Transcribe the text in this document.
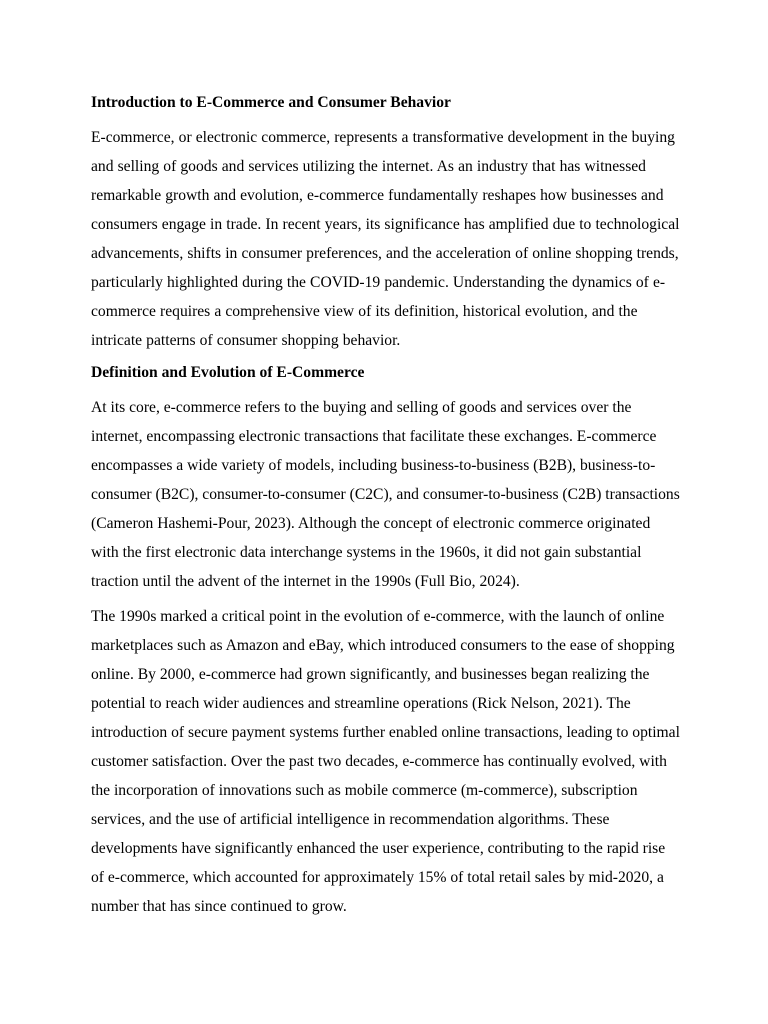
Introduction to E-Commerce and Consumer Behavior

E-commerce, or electronic commerce, represents a transformative development in the buying and selling of goods and services utilizing the internet. As an industry that has witnessed remarkable growth and evolution, e-commerce fundamentally reshapes how businesses and consumers engage in trade. In recent years, its significance has amplified due to technological advancements, shifts in consumer preferences, and the acceleration of online shopping trends, particularly highlighted during the COVID-19 pandemic. Understanding the dynamics of e-commerce requires a comprehensive view of its definition, historical evolution, and the intricate patterns of consumer shopping behavior.

Definition and Evolution of E-Commerce

At its core, e-commerce refers to the buying and selling of goods and services over the internet, encompassing electronic transactions that facilitate these exchanges. E-commerce encompasses a wide variety of models, including business-to-business (B2B), business-to-consumer (B2C), consumer-to-consumer (C2C), and consumer-to-business (C2B) transactions (Cameron Hashemi-Pour, 2023). Although the concept of electronic commerce originated with the first electronic data interchange systems in the 1960s, it did not gain substantial traction until the advent of the internet in the 1990s (Full Bio, 2024).

The 1990s marked a critical point in the evolution of e-commerce, with the launch of online marketplaces such as Amazon and eBay, which introduced consumers to the ease of shopping online. By 2000, e-commerce had grown significantly, and businesses began realizing the potential to reach wider audiences and streamline operations (Rick Nelson, 2021). The introduction of secure payment systems further enabled online transactions, leading to optimal customer satisfaction. Over the past two decades, e-commerce has continually evolved, with the incorporation of innovations such as mobile commerce (m-commerce), subscription services, and the use of artificial intelligence in recommendation algorithms. These developments have significantly enhanced the user experience, contributing to the rapid rise of e-commerce, which accounted for approximately 15% of total retail sales by mid-2020, a number that has since continued to grow.
